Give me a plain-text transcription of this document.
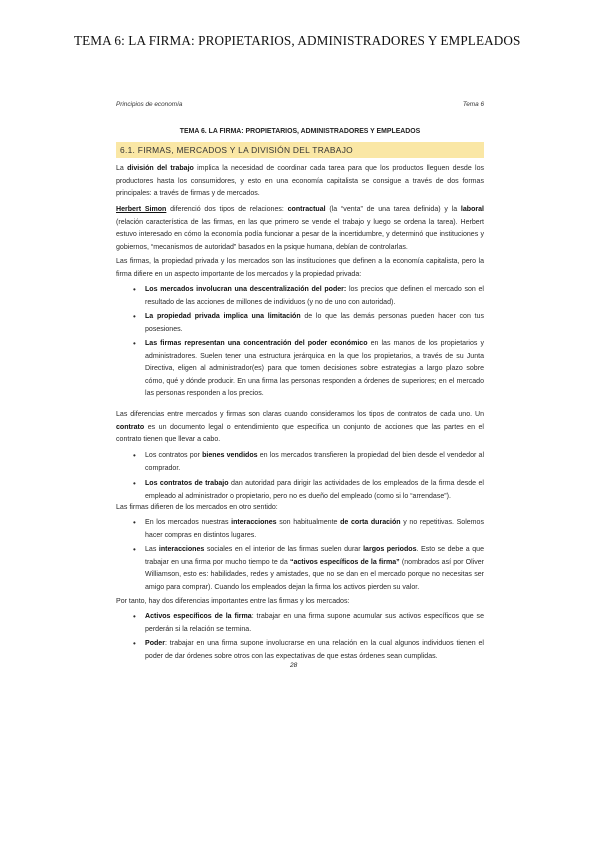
TEMA 6: LA FIRMA: PROPIETARIOS, ADMINISTRADORES Y EMPLEADOS
Principios de economía	Tema 6
TEMA 6. LA FIRMA: PROPIETARIOS, ADMINISTRADORES Y EMPLEADOS
6.1. FIRMAS, MERCADOS Y LA DIVISIÓN DEL TRABAJO
La división del trabajo implica la necesidad de coordinar cada tarea para que los productos lleguen desde los productores hasta los consumidores, y esto en una economía capitalista se consigue a través de dos formas principales: a través de firmas y de mercados.
Herbert Simon diferenció dos tipos de relaciones: contractual (la “venta” de una tarea definida) y la laboral (relación característica de las firmas, en las que primero se vende el trabajo y luego se ordena la tarea). Herbert estuvo interesado en cómo la economía podía funcionar a pesar de la incertidumbre, y determinó que instituciones y gobiernos, “mecanismos de autoridad” basados en la psique humana, debían de controlarlas.
Las firmas, la propiedad privada y los mercados son las instituciones que definen a la economía capitalista, pero la firma difiere en un aspecto importante de los mercados y la propiedad privada:
• Los mercados involucran una descentralización del poder: los precios que definen el mercado son el resultado de las acciones de millones de individuos (y no de uno con autoridad).
• La propiedad privada implica una limitación de lo que las demás personas pueden hacer con tus posesiones.
• Las firmas representan una concentración del poder económico en las manos de los propietarios y administradores. Suelen tener una estructura jerárquica en la que los propietarios, a través de su Junta Directiva, eligen al administrador(es) para que tomen decisiones sobre estrategias a largo plazo sobre cómo, qué y dónde producir. En una firma las personas responden a órdenes de superiores; en el mercado las personas responden a los precios.
Las diferencias entre mercados y firmas son claras cuando consideramos los tipos de contratos de cada uno. Un contrato es un documento legal o entendimiento que especifica un conjunto de acciones que las partes en el contrato tienen que llevar a cabo.
• Los contratos por bienes vendidos en los mercados transfieren la propiedad del bien desde el vendedor al comprador.
• Los contratos de trabajo dan autoridad para dirigir las actividades de los empleados de la firma desde el empleado al administrador o propietario, pero no es dueño del empleado (como si lo “arrendase”).
Las firmas difieren de los mercados en otro sentido:
• En los mercados nuestras interacciones son habitualmente de corta duración y no repetitivas. Solemos hacer compras en distintos lugares.
• Las interacciones sociales en el interior de las firmas suelen durar largos periodos. Esto se debe a que trabajar en una firma por mucho tiempo te da “activos específicos de la firma” (nombrados así por Oliver Williamson, esto es: habilidades, redes y amistades, que no se dan en el mercado porque no necesitas ser amigo para comprar). Cuando los empleados dejan la firma los activos pierden su valor.
Por tanto, hay dos diferencias importantes entre las firmas y los mercados:
• Activos específicos de la firma: trabajar en una firma supone acumular sus activos específicos que se perderán si la relación se termina.
• Poder: trabajar en una firma supone involucrarse en una relación en la cual algunos individuos tienen el poder de dar órdenes sobre otros con las expectativas de que estas órdenes sean cumplidas.
28
